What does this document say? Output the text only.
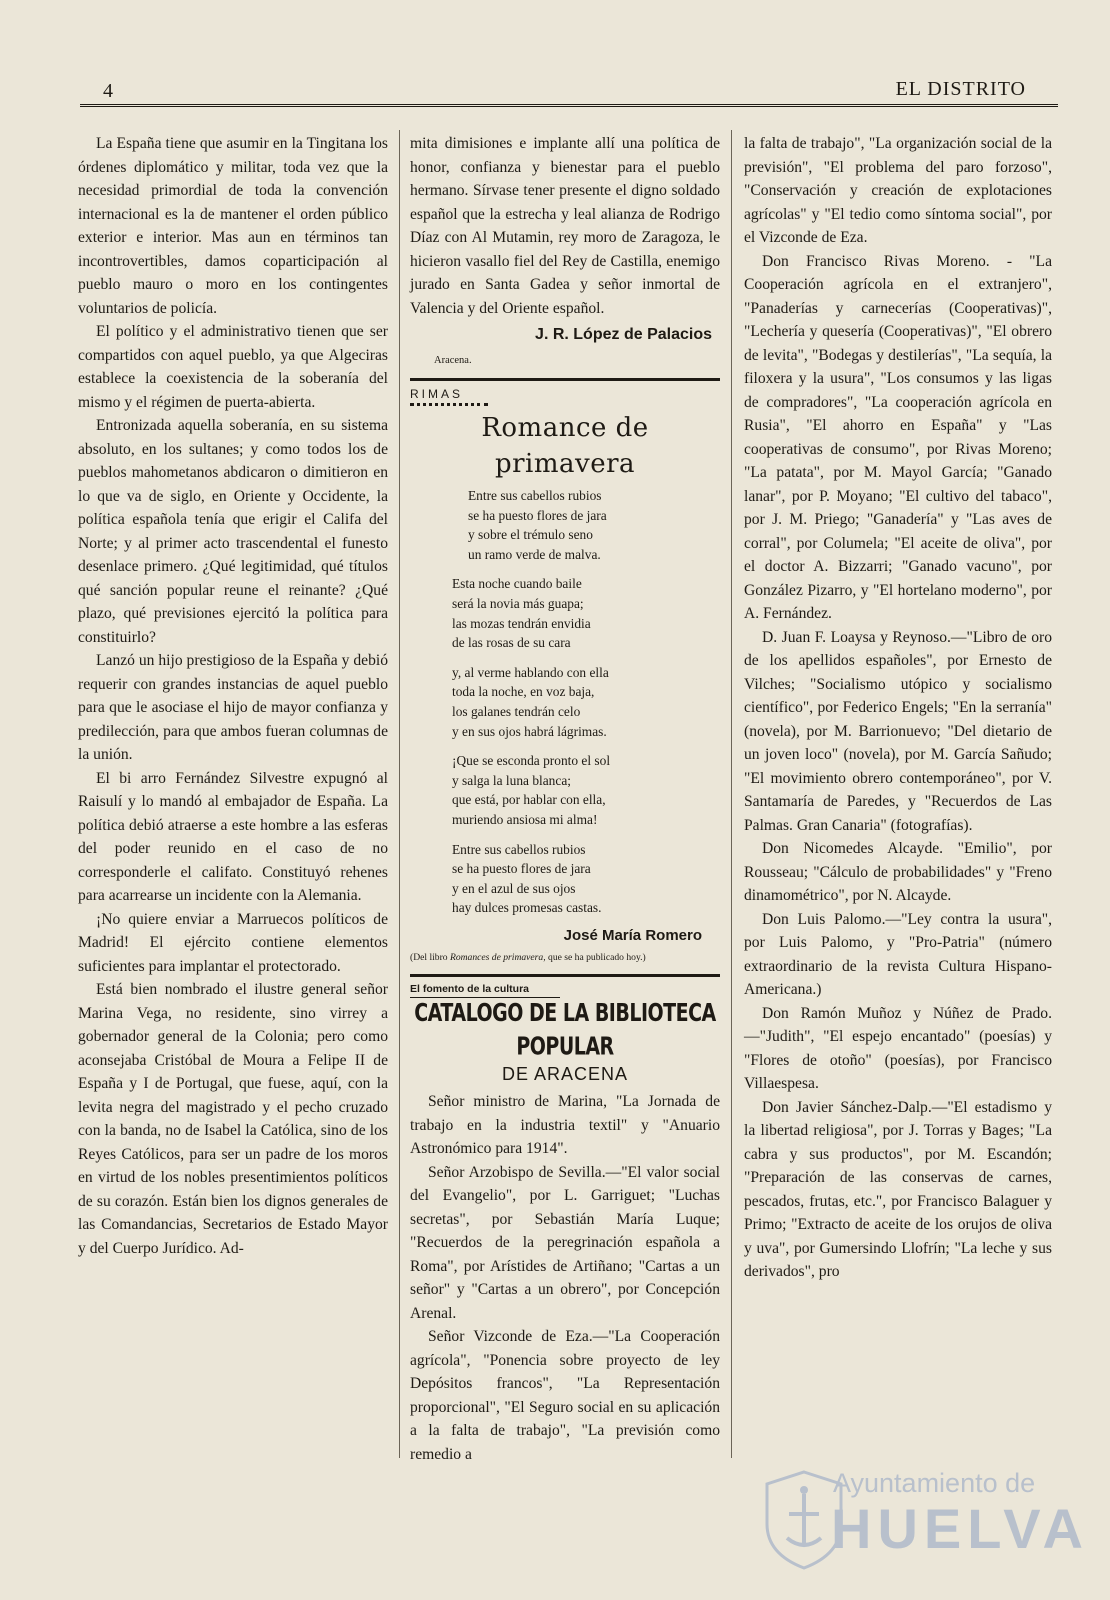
4	EL DISTRITO

La España tiene que asumir en la Tingitana los órdenes diplomático y militar, toda vez que la necesidad primordial de toda la convención internacional es la de mantener el orden público exterior e interior. Mas aun en términos tan incontrovertibles, damos coparticipación al pueblo mauro o moro en los contingentes voluntarios de policía.

El político y el administrativo tienen que ser compartidos con aquel pueblo, ya que Algeciras establece la coexistencia de la soberanía del mismo y el régimen de puerta-abierta.

Entronizada aquella soberanía, en su sistema absoluto, en los sultanes; y como todos los de pueblos mahometanos abdicaron o dimitieron en lo que va de siglo, en Oriente y Occidente, la política española tenía que erigir el Califa del Norte; y al primer acto trascendental el funesto desenlace primero. ¿Qué legitimidad, qué títulos qué sanción popular reune el reinante? ¿Qué plazo, qué previsiones ejercitó la política para constituirlo?

Lanzó un hijo prestigioso de la España y debió requerir con grandes instancias de aquel pueblo para que le asociase el hijo de mayor confianza y predilección, para que ambos fueran columnas de la unión.

El bi arro Fernández Silvestre expugnó al Raisulí y lo mandó al embajador de España. La política debió atraerse a este hombre a las esferas del poder reunido en el caso de no corresponderle el califato. Constituyó rehenes para acarrearse un incidente con la Alemania.

¡No quiere enviar a Marruecos políticos de Madrid! El ejército contiene elementos suficientes para implantar el protectorado.

Está bien nombrado el ilustre general señor Marina Vega, no residente, sino virrey a gobernador general de la Colonia; pero como aconsejaba Cristóbal de Moura a Felipe II de España y I de Portugal, que fuese, aquí, con la levita negra del magistrado y el pecho cruzado con la banda, no de Isabel la Católica, sino de los Reyes Católicos, para ser un padre de los moros en virtud de los nobles presentimientos políticos de su corazón. Están bien los dignos generales de las Comandancias, Secretarios de Estado Mayor y del Cuerpo Jurídico. Ad-

mita dimisiones e implante allí una política de honor, confianza y bienestar para el pueblo hermano. Sírvase tener presente el digno soldado español que la estrecha y leal alianza de Rodrigo Díaz con Al Mutamin, rey moro de Zaragoza, le hicieron vasallo fiel del Rey de Castilla, enemigo jurado en Santa Gadea y señor inmortal de Valencia y del Oriente español.

J. R. López de Palacios
Aracena.
RIMAS
Romance de primavera
Entre sus cabellos rubios
se ha puesto flores de jara
y sobre el trémulo seno
un ramo verde de malva.
Esta noche cuando baile
será la novia más guapa;
las mozas tendrán envidia
de las rosas de su cara
y, al verme hablando con ella
toda la noche, en voz baja,
los galanes tendrán celo
y en sus ojos habrá lágrimas.
¡Que se esconda pronto el sol
y salga la luna blanca;
que está, por hablar con ella,
muriendo ansiosa mi alma!
Entre sus cabellos rubios
se ha puesto flores de jara
y en el azul de sus ojos
hay dulces promesas castas.
José María Romero
(Del libro Romances de primavera, que se ha publicado hoy.)
El fomento de la cultura
CATALOGO DE LA BIBLIOTECA POPULAR
DE ARACENA

Señor ministro de Marina, "La Jornada de trabajo en la industria textil" y "Anuario Astronómico para 1914".

Señor Arzobispo de Sevilla.—"El valor social del Evangelio", por L. Garriguet; "Luchas secretas", por Sebastián María Luque; "Recuerdos de la peregrinación española a Roma", por Arístides de Artiñano; "Cartas a un señor" y "Cartas a un obrero", por Concepción Arenal.

Señor Vizconde de Eza.—"La Cooperación agrícola", "Ponencia sobre proyecto de ley Depósitos francos", "La Representación proporcional", "El Seguro social en su aplicación a la falta de trabajo", "La previsión como remedio a

la falta de trabajo", "La organización social de la previsión", "El problema del paro forzoso", "Conservación y creación de explotaciones agrícolas" y "El tedio como síntoma social", por el Vizconde de Eza.

Don Francisco Rivas Moreno. - "La Cooperación agrícola en el extranjero", "Panaderías y carnecerías (Cooperativas)", "Lechería y quesería (Cooperativas)", "El obrero de levita", "Bodegas y destilerías", "La sequía, la filoxera y la usura", "Los consumos y las ligas de compradores", "La cooperación agrícola en Rusia", "El ahorro en España" y "Las cooperativas de consumo", por Rivas Moreno; "La patata", por M. Mayol García; "Ganado lanar", por P. Moyano; "El cultivo del tabaco", por J. M. Priego; "Ganadería" y "Las aves de corral", por Columela; "El aceite de oliva", por el doctor A. Bizzarri; "Ganado vacuno", por González Pizarro, y "El hortelano moderno", por A. Fernández.

D. Juan F. Loaysa y Reynoso.—"Libro de oro de los apellidos españoles", por Ernesto de Vilches; "Socialismo utópico y socialismo científico", por Federico Engels; "En la serranía" (novela), por M. Barrionuevo; "Del dietario de un joven loco" (novela), por M. García Sañudo; "El movimiento obrero contemporáneo", por V. Santamaría de Paredes, y "Recuerdos de Las Palmas. Gran Canaria" (fotografías).

Don Nicomedes Alcayde. "Emilio", por Rousseau; "Cálculo de probabilidades" y "Freno dinamométrico", por N. Alcayde.

Don Luis Palomo.—"Ley contra la usura", por Luis Palomo, y "Pro-Patria" (número extraordinario de la revista Cultura Hispano-Americana.)

Don Ramón Muñoz y Núñez de Prado.—"Judith", "El espejo encantado" (poesías) y "Flores de otoño" (poesías), por Francisco Villaespesa.

Don Javier Sánchez-Dalp.—"El estadismo y la libertad religiosa", por J. Torras y Bages; "La cabra y sus productos", por M. Escandón; "Preparación de las conservas de carnes, pescados, frutas, etc.", por Francisco Balaguer y Primo; "Extracto de aceite de los orujos de oliva y uva", por Gumersindo Llofrín; "La leche y sus derivados", pro

Ayuntamiento de
HUELVA
